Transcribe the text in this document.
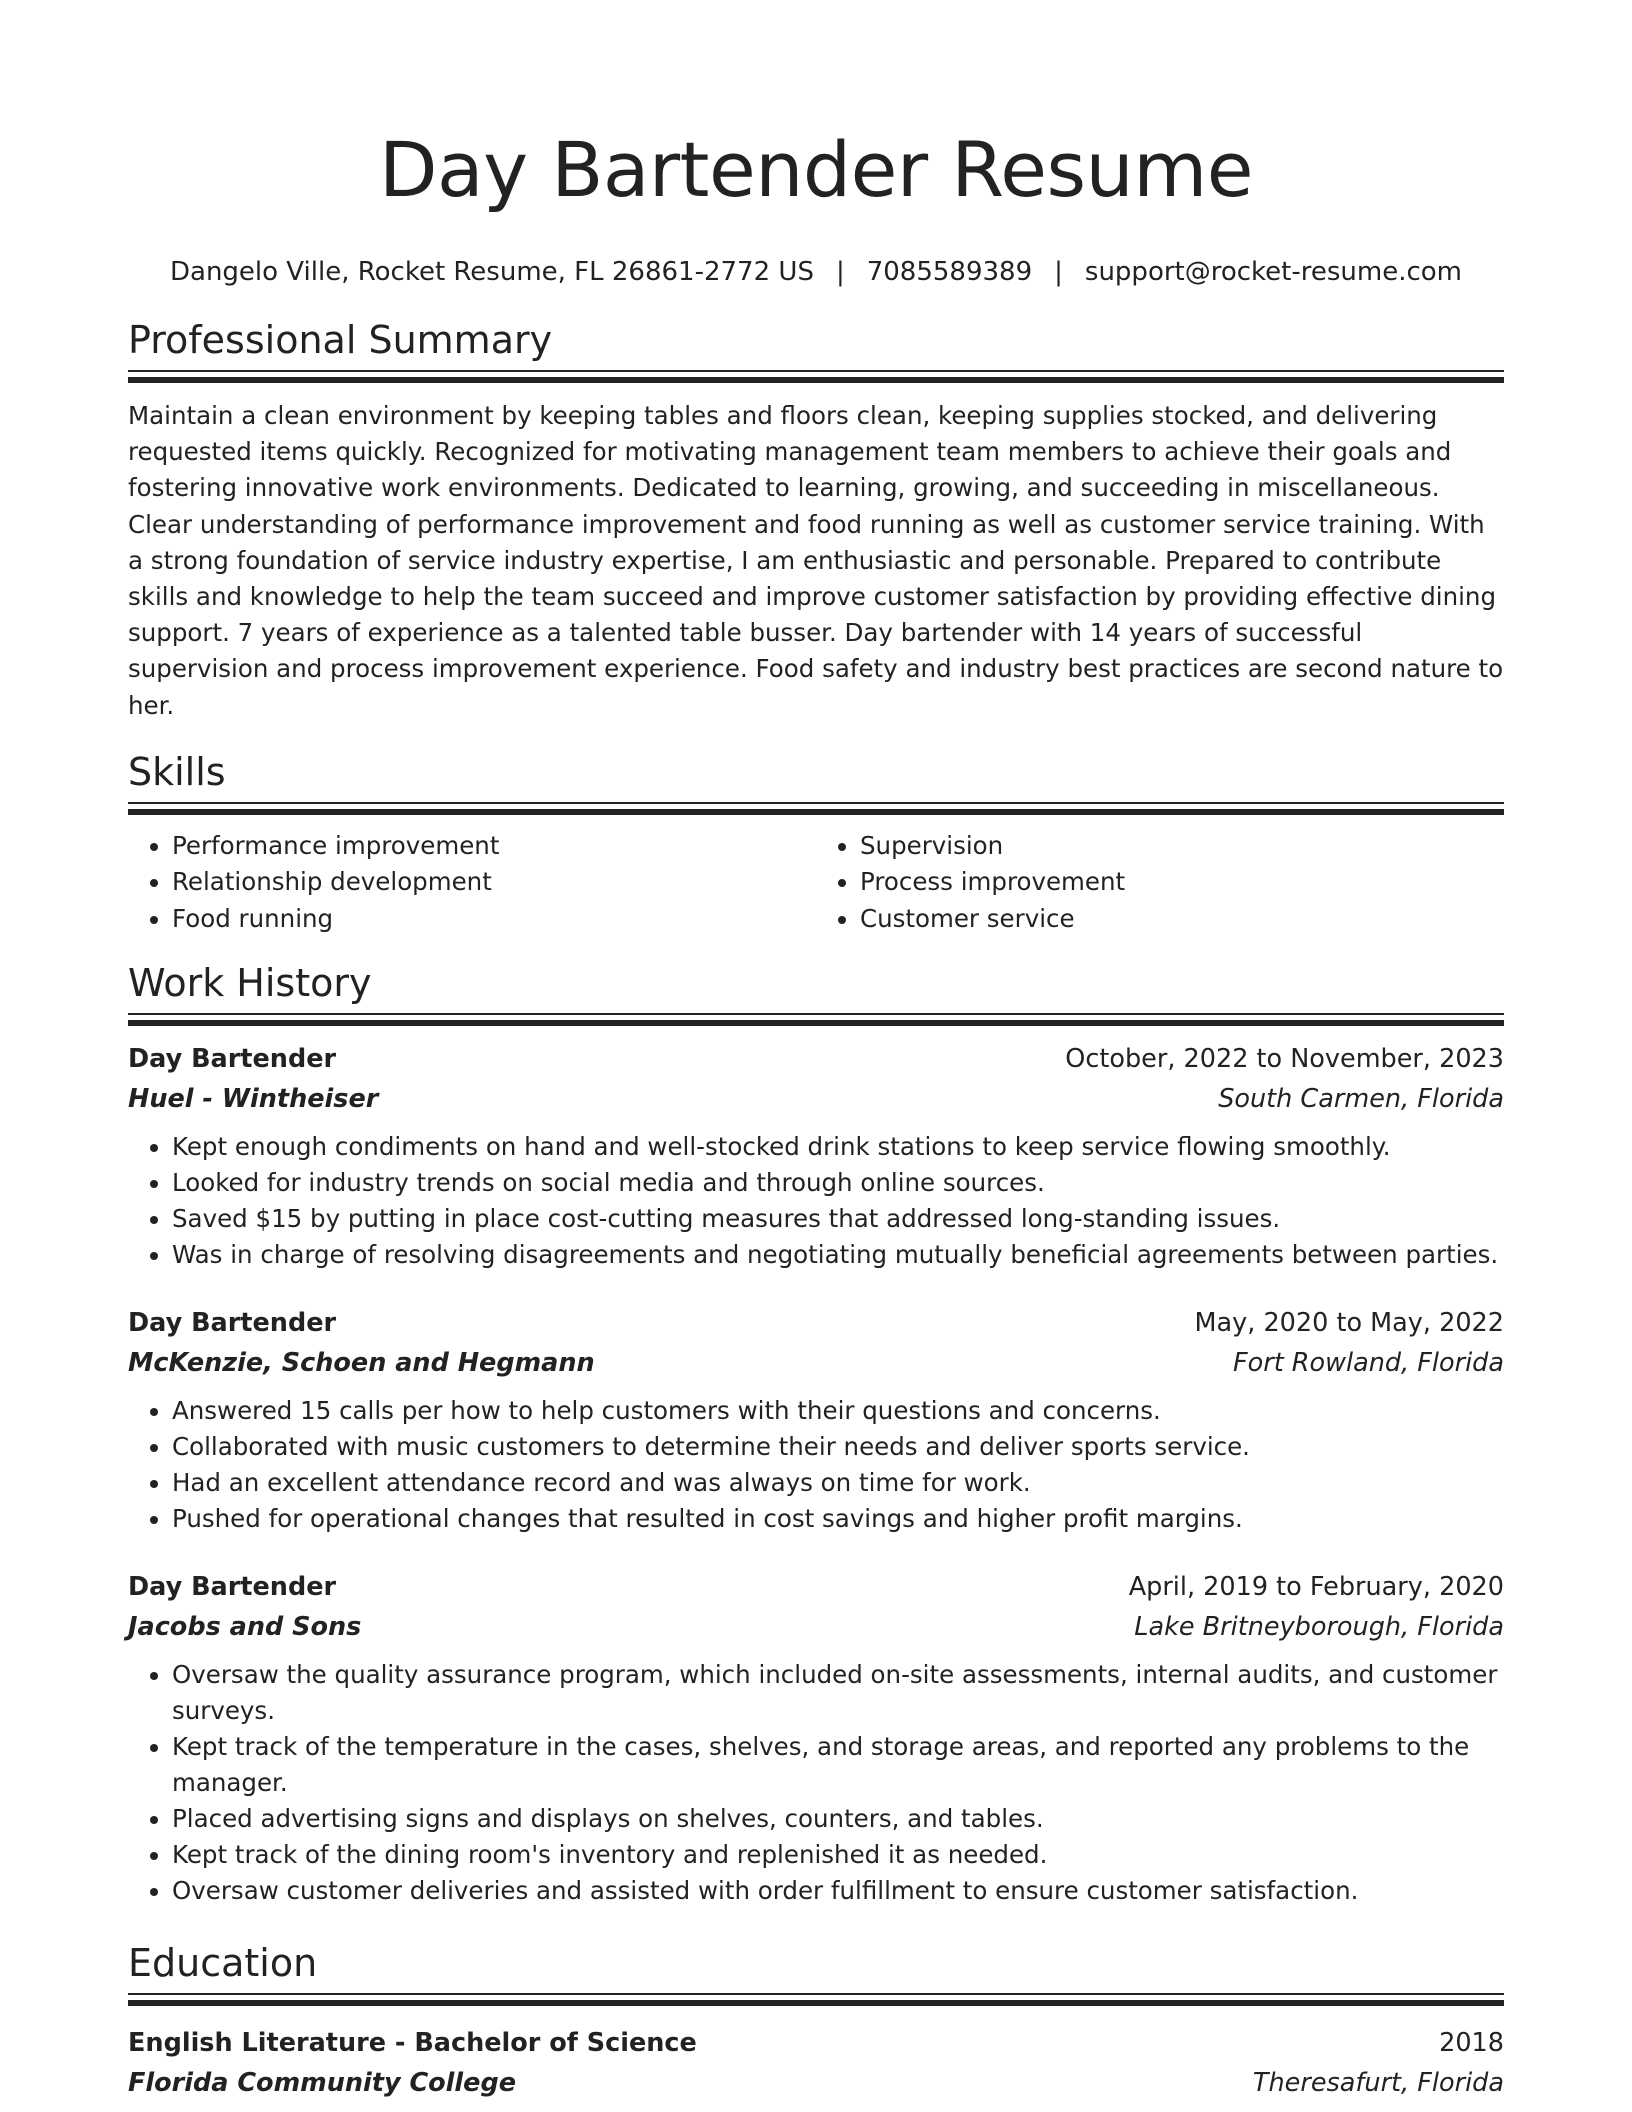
Day Bartender Resume
Dangelo Ville, Rocket Resume, FL 26861-2772 US | 7085589389 | support@rocket-resume.com
Professional Summary

Maintain a clean environment by keeping tables and floors clean, keeping supplies stocked, and delivering requested items quickly. Recognized for motivating management team members to achieve their goals and fostering innovative work environments. Dedicated to learning, growing, and succeeding in miscellaneous. Clear understanding of performance improvement and food running as well as customer service training. With a strong foundation of service industry expertise, I am enthusiastic and personable. Prepared to contribute skills and knowledge to help the team succeed and improve customer satisfaction by providing effective dining support. 7 years of experience as a talented table busser. Day bartender with 14 years of successful supervision and process improvement experience. Food safety and industry best practices are second nature to her.

Skills
• Performance improvement
• Relationship development
• Food running
• Supervision
• Process improvement
• Customer service
Work History
Day Bartender	October, 2022 to November, 2023
Huel - Wintheiser	South Carmen, Florida
• Kept enough condiments on hand and well-stocked drink stations to keep service flowing smoothly.
• Looked for industry trends on social media and through online sources.
• Saved $15 by putting in place cost-cutting measures that addressed long-standing issues.
• Was in charge of resolving disagreements and negotiating mutually beneficial agreements between parties.
Day Bartender	May, 2020 to May, 2022
McKenzie, Schoen and Hegmann	Fort Rowland, Florida
• Answered 15 calls per how to help customers with their questions and concerns.
• Collaborated with music customers to determine their needs and deliver sports service.
• Had an excellent attendance record and was always on time for work.
• Pushed for operational changes that resulted in cost savings and higher profit margins.
Day Bartender	April, 2019 to February, 2020
Jacobs and Sons	Lake Britneyborough, Florida
• Oversaw the quality assurance program, which included on-site assessments, internal audits, and customer surveys.
• Kept track of the temperature in the cases, shelves, and storage areas, and reported any problems to the manager.
• Placed advertising signs and displays on shelves, counters, and tables.
• Kept track of the dining room's inventory and replenished it as needed.
• Oversaw customer deliveries and assisted with order fulfillment to ensure customer satisfaction.
Education
English Literature - Bachelor of Science	2018
Florida Community College	Theresafurt, Florida
